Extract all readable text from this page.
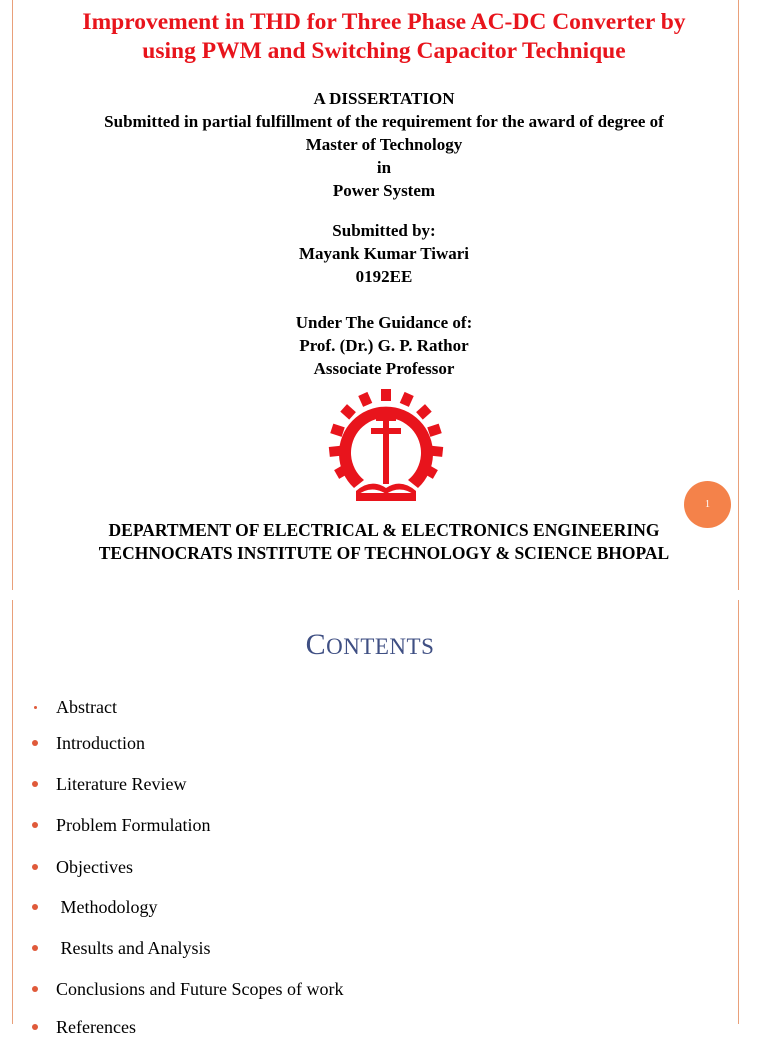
Improvement in THD for Three Phase AC-DC Converter by
using PWM and Switching Capacitor Technique
A DISSERTATION
Submitted in partial fulfillment of the requirement for the award of degree of
Master of Technology
in
Power System
Submitted by:
Mayank Kumar Tiwari
0192EE
Under The Guidance of:
Prof. (Dr.) G. P. Rathor
Associate Professor
1
DEPARTMENT OF ELECTRICAL & ELECTRONICS ENGINEERING
TECHNOCRATS INSTITUTE OF TECHNOLOGY & SCIENCE BHOPAL
CONTENTS
Abstract
Introduction
Literature Review
Problem Formulation
Objectives
Methodology
Results and Analysis
Conclusions and Future Scopes of work
References
